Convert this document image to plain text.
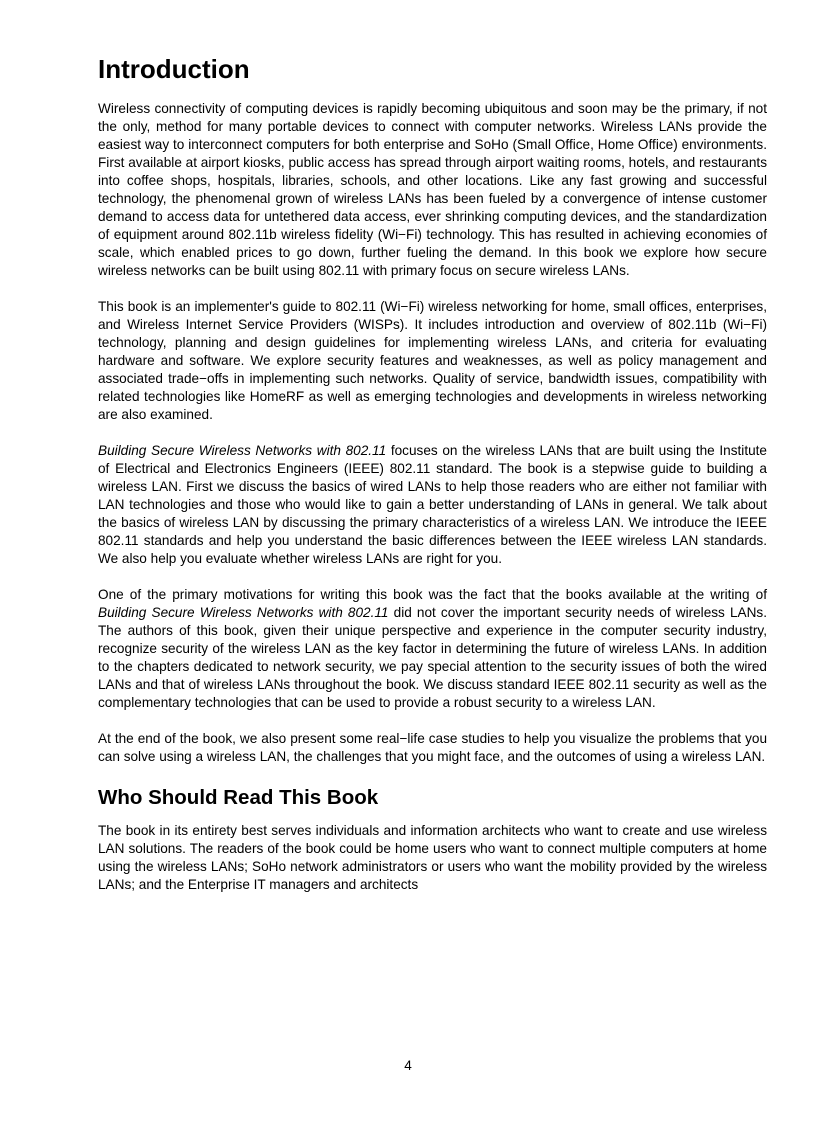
Introduction

Wireless connectivity of computing devices is rapidly becoming ubiquitous and soon may be the primary, if not the only, method for many portable devices to connect with computer networks. Wireless LANs provide the easiest way to interconnect computers for both enterprise and SoHo (Small Office, Home Office) environments. First available at airport kiosks, public access has spread through airport waiting rooms, hotels, and restaurants into coffee shops, hospitals, libraries, schools, and other locations. Like any fast growing and successful technology, the phenomenal grown of wireless LANs has been fueled by a convergence of intense customer demand to access data for untethered data access, ever shrinking computing devices, and the standardization of equipment around 802.11b wireless fidelity (Wi−Fi) technology. This has resulted in achieving economies of scale, which enabled prices to go down, further fueling the demand. In this book we explore how secure wireless networks can be built using 802.11 with primary focus on secure wireless LANs.

This book is an implementer's guide to 802.11 (Wi−Fi) wireless networking for home, small offices, enterprises, and Wireless Internet Service Providers (WISPs). It includes introduction and overview of 802.11b (Wi−Fi) technology, planning and design guidelines for implementing wireless LANs, and criteria for evaluating hardware and software. We explore security features and weaknesses, as well as policy management and associated trade−offs in implementing such networks. Quality of service, bandwidth issues, compatibility with related technologies like HomeRF as well as emerging technologies and developments in wireless networking are also examined.

Building Secure Wireless Networks with 802.11 focuses on the wireless LANs that are built using the Institute of Electrical and Electronics Engineers (IEEE) 802.11 standard. The book is a stepwise guide to building a wireless LAN. First we discuss the basics of wired LANs to help those readers who are either not familiar with LAN technologies and those who would like to gain a better understanding of LANs in general. We talk about the basics of wireless LAN by discussing the primary characteristics of a wireless LAN. We introduce the IEEE 802.11 standards and help you understand the basic differences between the IEEE wireless LAN standards. We also help you evaluate whether wireless LANs are right for you.

One of the primary motivations for writing this book was the fact that the books available at the writing of Building Secure Wireless Networks with 802.11 did not cover the important security needs of wireless LANs. The authors of this book, given their unique perspective and experience in the computer security industry, recognize security of the wireless LAN as the key factor in determining the future of wireless LANs. In addition to the chapters dedicated to network security, we pay special attention to the security issues of both the wired LANs and that of wireless LANs throughout the book. We discuss standard IEEE 802.11 security as well as the complementary technologies that can be used to provide a robust security to a wireless LAN.

At the end of the book, we also present some real−life case studies to help you visualize the problems that you can solve using a wireless LAN, the challenges that you might face, and the outcomes of using a wireless LAN.

Who Should Read This Book

The book in its entirety best serves individuals and information architects who want to create and use wireless LAN solutions. The readers of the book could be home users who want to connect multiple computers at home using the wireless LANs; SoHo network administrators or users who want the mobility provided by the wireless LANs; and the Enterprise IT managers and architects

4
